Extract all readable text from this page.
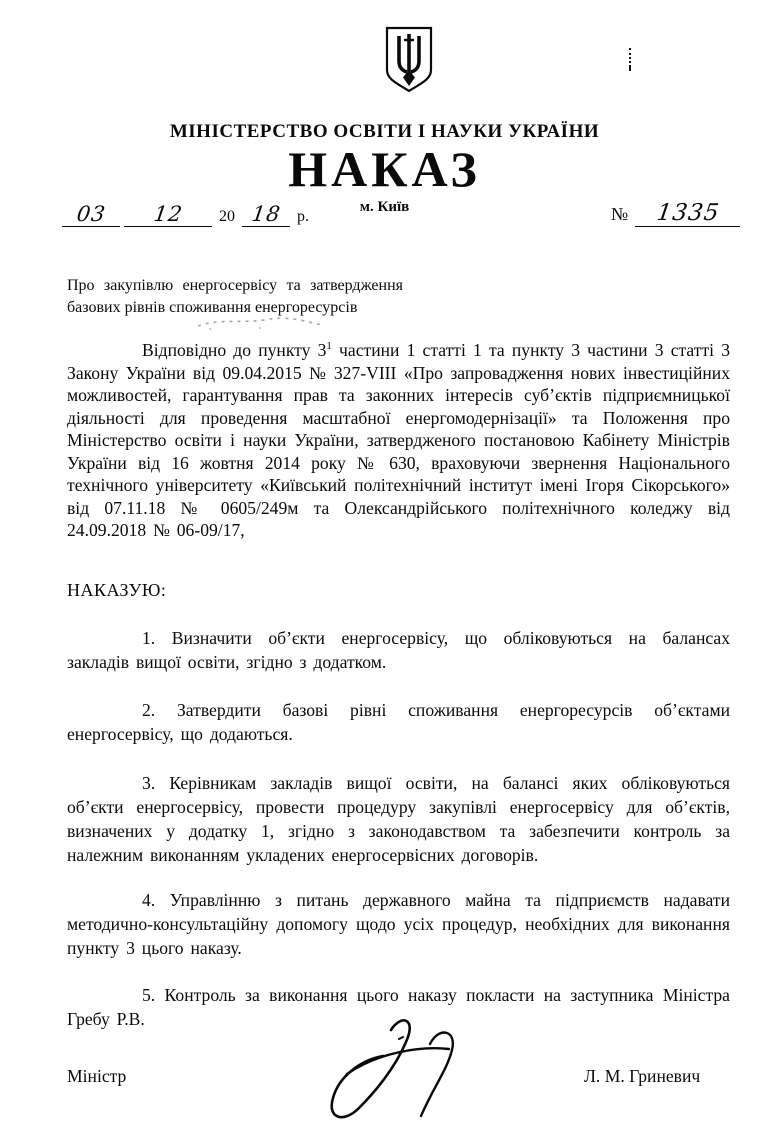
МІНІСТЕРСТВО ОСВІТИ І НАУКИ УКРАЇНИ
НАКАЗ
м. Київ
03 12 20 18 р.	№ 1335
Про закупівлю енергосервісу та затвердження
базових рівнів споживання енергоресурсів

Відповідно до пункту $3^1$ частини 1 статті 1 та пункту 3 частини 3 статті 3 Закону України від 09.04.2015 № 327-VIII «Про запровадження нових інвестиційних можливостей, гарантування прав та законних інтересів суб’єктів підприємницької діяльності для проведення масштабної енергомодернізації» та Положення про Міністерство освіти і науки України, затвердженого постановою Кабінету Міністрів України від 16 жовтня 2014 року № 630, враховуючи звернення Національного технічного університету «Київський політехнічний інститут імені Ігоря Сікорського» від 07.11.18 № 0605/249м та Олександрійського політехнічного коледжу від 24.09.2018 № 06-09/17,

НАКАЗУЮ:

1. Визначити об’єкти енергосервісу, що обліковуються на балансах закладів вищої освіти, згідно з додатком.

2. Затвердити базові рівні споживання енергоресурсів об’єктами енергосервісу, що додаються.

3. Керівникам закладів вищої освіти, на балансі яких обліковуються об’єкти енергосервісу, провести процедуру закупівлі енергосервісу для об’єктів, визначених у додатку 1, згідно з законодавством та забезпечити контроль за належним виконанням укладених енергосервісних договорів.

4. Управлінню з питань державного майна та підприємств надавати методично-консультаційну допомогу щодо усіх процедур, необхідних для виконання пункту 3 цього наказу.

5. Контроль за виконання цього наказу покласти на заступника Міністра Гребу Р.В.

Міністр	Л. М. Гриневич
